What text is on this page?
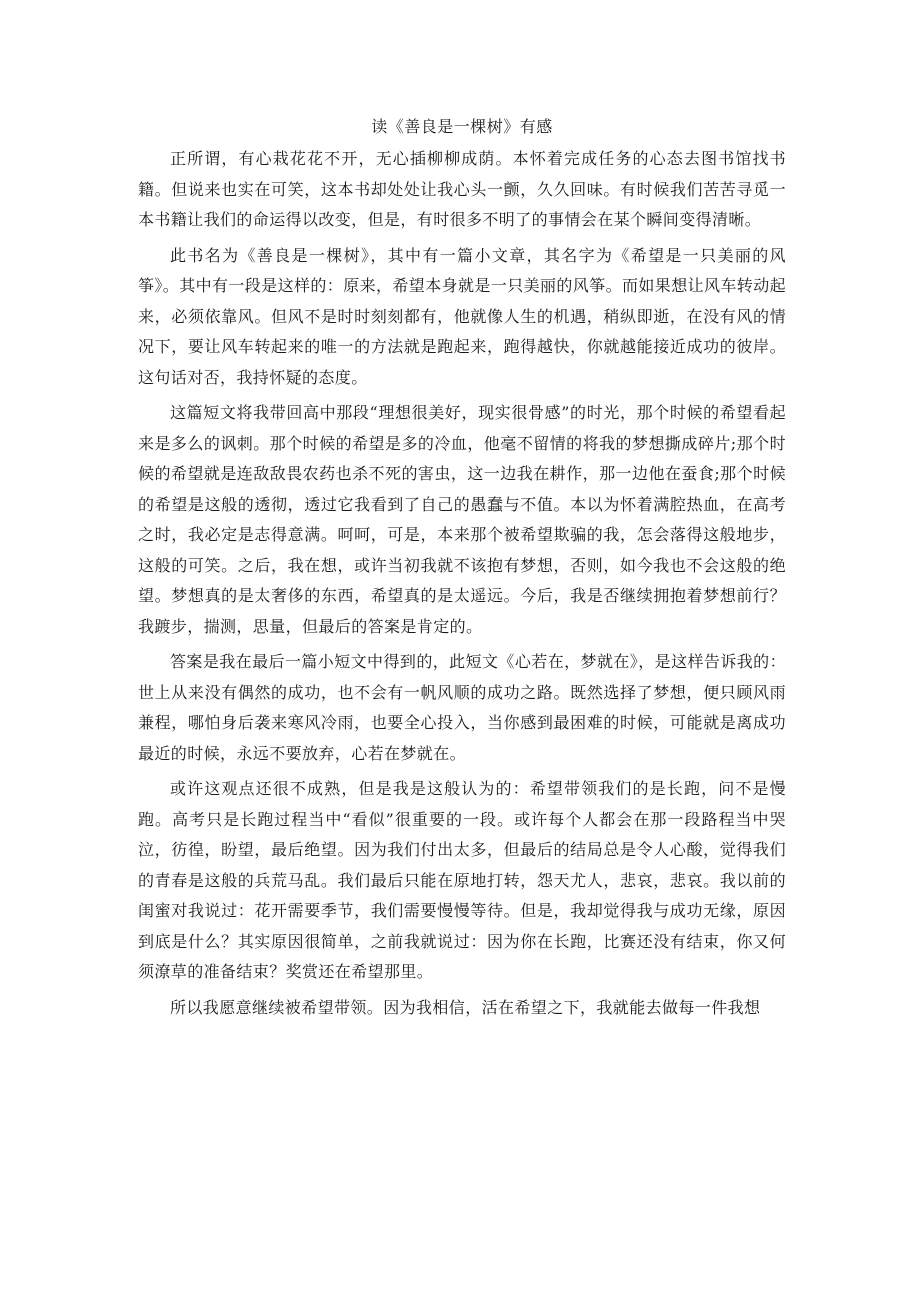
读《善良是一棵树》有感

正所谓，有心栽花花不开，无心插柳柳成荫。本怀着完成任务的心态去图书馆找书籍。但说来也实在可笑，这本书却处处让我心头一颤，久久回味。有时候我们苦苦寻觅一本书籍让我们的命运得以改变，但是，有时很多不明了的事情会在某个瞬间变得清晰。

此书名为《善良是一棵树》，其中有一篇小文章，其名字为《希望是一只美丽的风筝》。其中有一段是这样的：原来，希望本身就是一只美丽的风筝。而如果想让风车转动起来，必须依靠风。但风不是时时刻刻都有，他就像人生的机遇，稍纵即逝，在没有风的情况下，要让风车转起来的唯一的方法就是跑起来，跑得越快，你就越能接近成功的彼岸。这句话对否，我持怀疑的态度。

这篇短文将我带回高中那段“理想很美好，现实很骨感”的时光，那个时候的希望看起来是多么的讽刺。那个时候的希望是多的冷血，他毫不留情的将我的梦想撕成碎片;那个时候的希望就是连敌敌畏农药也杀不死的害虫，这一边我在耕作，那一边他在蚕食;那个时候的希望是这般的透彻，透过它我看到了自己的愚蠢与不值。本以为怀着满腔热血，在高考之时，我必定是志得意满。呵呵，可是，本来那个被希望欺骗的我，怎会落得这般地步，这般的可笑。之后，我在想，或许当初我就不该抱有梦想，否则，如今我也不会这般的绝望。梦想真的是太奢侈的东西，希望真的是太遥远。今后，我是否继续拥抱着梦想前行？我踱步，揣测，思量，但最后的答案是肯定的。

答案是我在最后一篇小短文中得到的，此短文《心若在，梦就在》，是这样告诉我的：世上从来没有偶然的成功，也不会有一帆风顺的成功之路。既然选择了梦想，便只顾风雨兼程，哪怕身后袭来寒风冷雨，也要全心投入，当你感到最困难的时候，可能就是离成功最近的时候，永远不要放弃，心若在梦就在。

或许这观点还很不成熟，但是我是这般认为的：希望带领我们的是长跑，问不是慢跑。高考只是长跑过程当中“看似”很重要的一段。或许每个人都会在那一段路程当中哭泣，彷徨，盼望，最后绝望。因为我们付出太多，但最后的结局总是令人心酸，觉得我们的青春是这般的兵荒马乱。我们最后只能在原地打转，怨天尤人，悲哀，悲哀。我以前的闺蜜对我说过：花开需要季节，我们需要慢慢等待。但是，我却觉得我与成功无缘，原因到底是什么？其实原因很简单，之前我就说过：因为你在长跑，比赛还没有结束，你又何须潦草的准备结束？奖赏还在希望那里。

所以我愿意继续被希望带领。因为我相信，活在希望之下，我就能去做每一件我想
